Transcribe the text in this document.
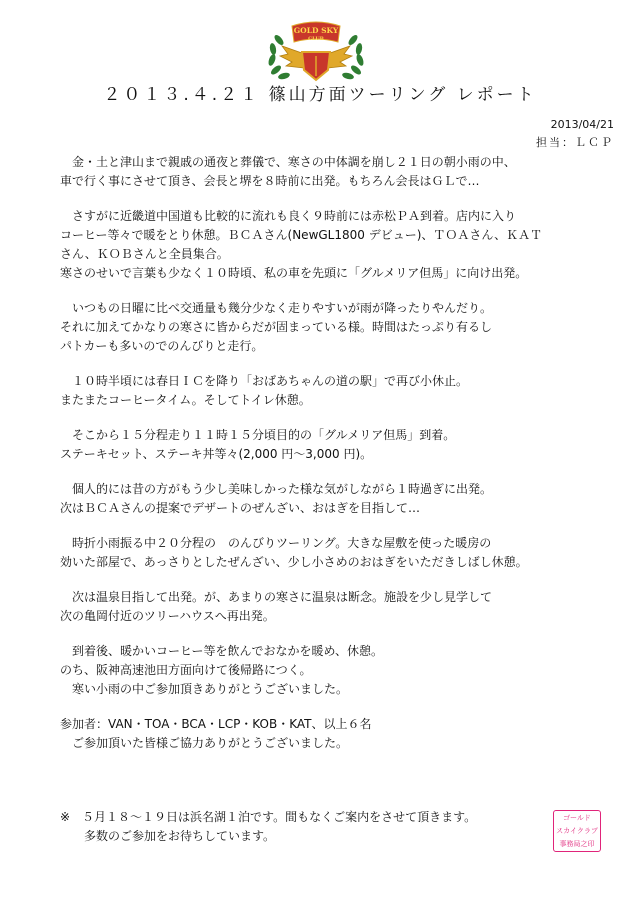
GOLD SKY
CLUB
２０１３.４.２１ 篠山方面ツーリング レポート
2013/04/21
担当：ＬＣＰ
　金・土と津山まで親戚の通夜と葬儀で、寒さの中体調を崩し２１日の朝小雨の中、
車で行く事にさせて頂き、会長と堺を８時前に出発。もちろん会長はＧＬで…
　さすがに近畿道中国道も比較的に流れも良く９時前には赤松ＰＡ到着。店内に入り
コーヒー等々で暖をとり休憩。ＢＣＡさん(NewGL1800 デビュー)、ＴＯＡさん、ＫＡＴ
さん、ＫＯＢさんと全員集合。
寒さのせいで言葉も少なく１０時頃、私の車を先頭に「グルメリア但馬」に向け出発。
　いつもの日曜に比べ交通量も幾分少なく走りやすいが雨が降ったりやんだり。
それに加えてかなりの寒さに皆からだが固まっている様。時間はたっぷり有るし
パトカーも多いのでのんびりと走行。
　１０時半頃には春日ＩＣを降り「おばあちゃんの道の駅」で再び小休止。
またまたコーヒータイム。そしてトイレ休憩。
　そこから１５分程走り１１時１５分頃目的の「グルメリア但馬」到着。
ステーキセット、ステーキ丼等々(2,000 円～3,000 円)。
　個人的には昔の方がもう少し美味しかった様な気がしながら１時過ぎに出発。
次はＢＣＡさんの提案でデザートのぜんざい、おはぎを目指して…
　時折小雨振る中２０分程の　のんびりツーリング。大きな屋敷を使った暖房の
効いた部屋で、あっさりとしたぜんざい、少し小さめのおはぎをいただきしばし休憩。
　次は温泉目指して出発。が、あまりの寒さに温泉は断念。施設を少し見学して
次の亀岡付近のツリーハウスへ再出発。
　到着後、暖かいコーヒー等を飲んでおなかを暖め、休憩。
のち、阪神高速池田方面向けて後帰路につく。
　寒い小雨の中ご参加頂きありがとうございました。
参加者：VAN・TOA・BCA・LCP・KOB・KAT、以上６名
　ご参加頂いた皆様ご協力ありがとうございました。
※　５月１８～１９日は浜名湖１泊です。間もなくご案内をさせて頂きます。
　　多数のご参加をお待ちしています。
ゴールド
スカイクラブ
事務局之印
